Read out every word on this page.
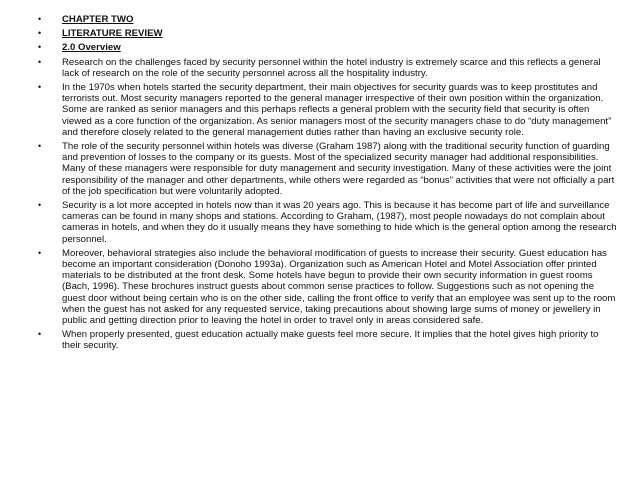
• CHAPTER TWO
• LITERATURE REVIEW
• 2.0 Overview
• Research on the challenges faced by security personnel within the hotel industry is extremely scarce and this reflects a general lack of research on the role of the security personnel across all the hospitality industry.
• In the 1970s when hotels started the security department, their main objectives for security guards was to keep prostitutes and terrorists out. Most security managers reported to the general manager irrespective of their own position within the organization. Some are ranked as senior managers and this perhaps reflects a general problem with the security field that security is often viewed as a core function of the organization. As senior managers most of the security managers chase to do “duty management” and therefore closely related to the general management duties rather than having an exclusive security role.
• The role of the security personnel within hotels was diverse (Graham 1987) along with the traditional security function of guarding and prevention of losses to the company or its guests. Most of the specialized security manager had additional responsibilities. Many of these managers were responsible for duty management and security investigation. Many of these activities were the joint responsibility of the manager and other departments, while others were regarded as “bonus” activities that were not officially a part of the job specification but were voluntarily adopted.
• Security is a lot more accepted in hotels now than it was 20 years ago. This is because it has become part of life and surveillance cameras can be found in many shops and stations. According to Graham, (1987), most people nowadays do not complain about cameras in hotels, and when they do it usually means they have something to hide which is the general option among the research personnel.
• Moreover, behavioral strategies also include the behavioral modification of guests to increase their security. Guest education has become an important consideration (Donoho 1993a). Organization such as American Hotel and Motel Association offer printed materials to be distributed at the front desk. Some hotels have begun to provide their own security information in guest rooms (Bach, 1996). These brochures instruct guests about common sense practices to follow. Suggestions such as not opening the guest door without being certain who is on the other side, calling the front office to verify that an employee was sent up to the room when the guest has not asked for any requested service, taking precautions about showing large sums of money or jewellery in public and getting direction prior to leaving the hotel in order to travel only in areas considered safe.
• When properly presented, guest education actually make guests feel more secure. It implies that the hotel gives high priority to their security.
